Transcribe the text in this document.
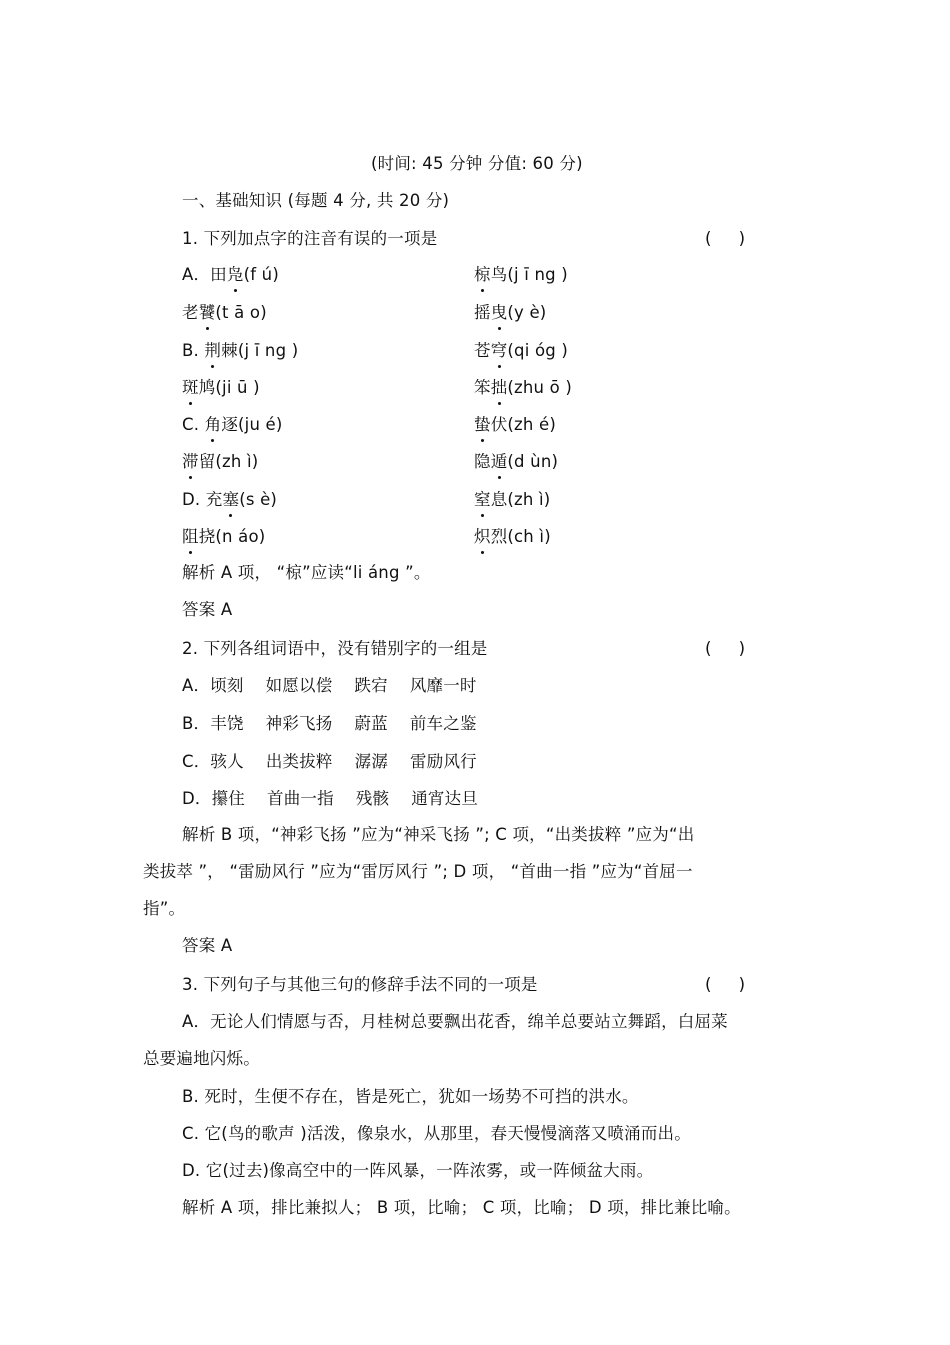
(时间: 45 分钟 分值: 60 分)
一、基础知识 (每题 4 分, 共 20 分)
1. 下列加点字的注音有误的一项是	( )
A．田凫(f ú)	椋鸟(j ī ng )
老饕(t ā o)	摇曳(y è)
B. 荆棘(j ī ng )	苍穹(qi óg )
斑鸠(ji ū )	笨拙(zhu ō )
C. 角逐(ju é)	蛰伏(zh é)
滞留(zh ì)	隐遁(d ùn)
D. 充塞(s è)	窒息(zh ì)
阻挠(n áo)	炽烈(ch ì)
解析 A 项， “椋”应读“li áng ”。
答案 A
2. 下列各组词语中，没有错别字的一组是	( )
A．顷刻 如愿以偿 跌宕 风靡一时
B．丰饶 神彩飞扬 蔚蓝 前车之鉴
C．骇人 出类拔粹 潺潺 雷励风行
D．攥住 首曲一指 残骸 通宵达旦
解析 B 项，“神彩飞扬 ”应为“神采飞扬 ”; C 项，“出类拔粹 ”应为“出
类拔萃 ”， “雷励风行 ”应为“雷厉风行 ”; D 项， “首曲一指 ”应为“首屈一
指”。
答案 A
3. 下列句子与其他三句的修辞手法不同的一项是	( )
A．无论人们情愿与否，月桂树总要飘出花香，绵羊总要站立舞蹈，白屈菜
总要遍地闪烁。
B. 死时，生便不存在，皆是死亡，犹如一场势不可挡的洪水。
C. 它(鸟的歌声 )活泼，像泉水，从那里，春天慢慢滴落又喷涌而出。
D. 它(过去)像高空中的一阵风暴，一阵浓雾，或一阵倾盆大雨。
解析 A 项，排比兼拟人； B 项，比喻； C 项，比喻； D 项，排比兼比喻。
